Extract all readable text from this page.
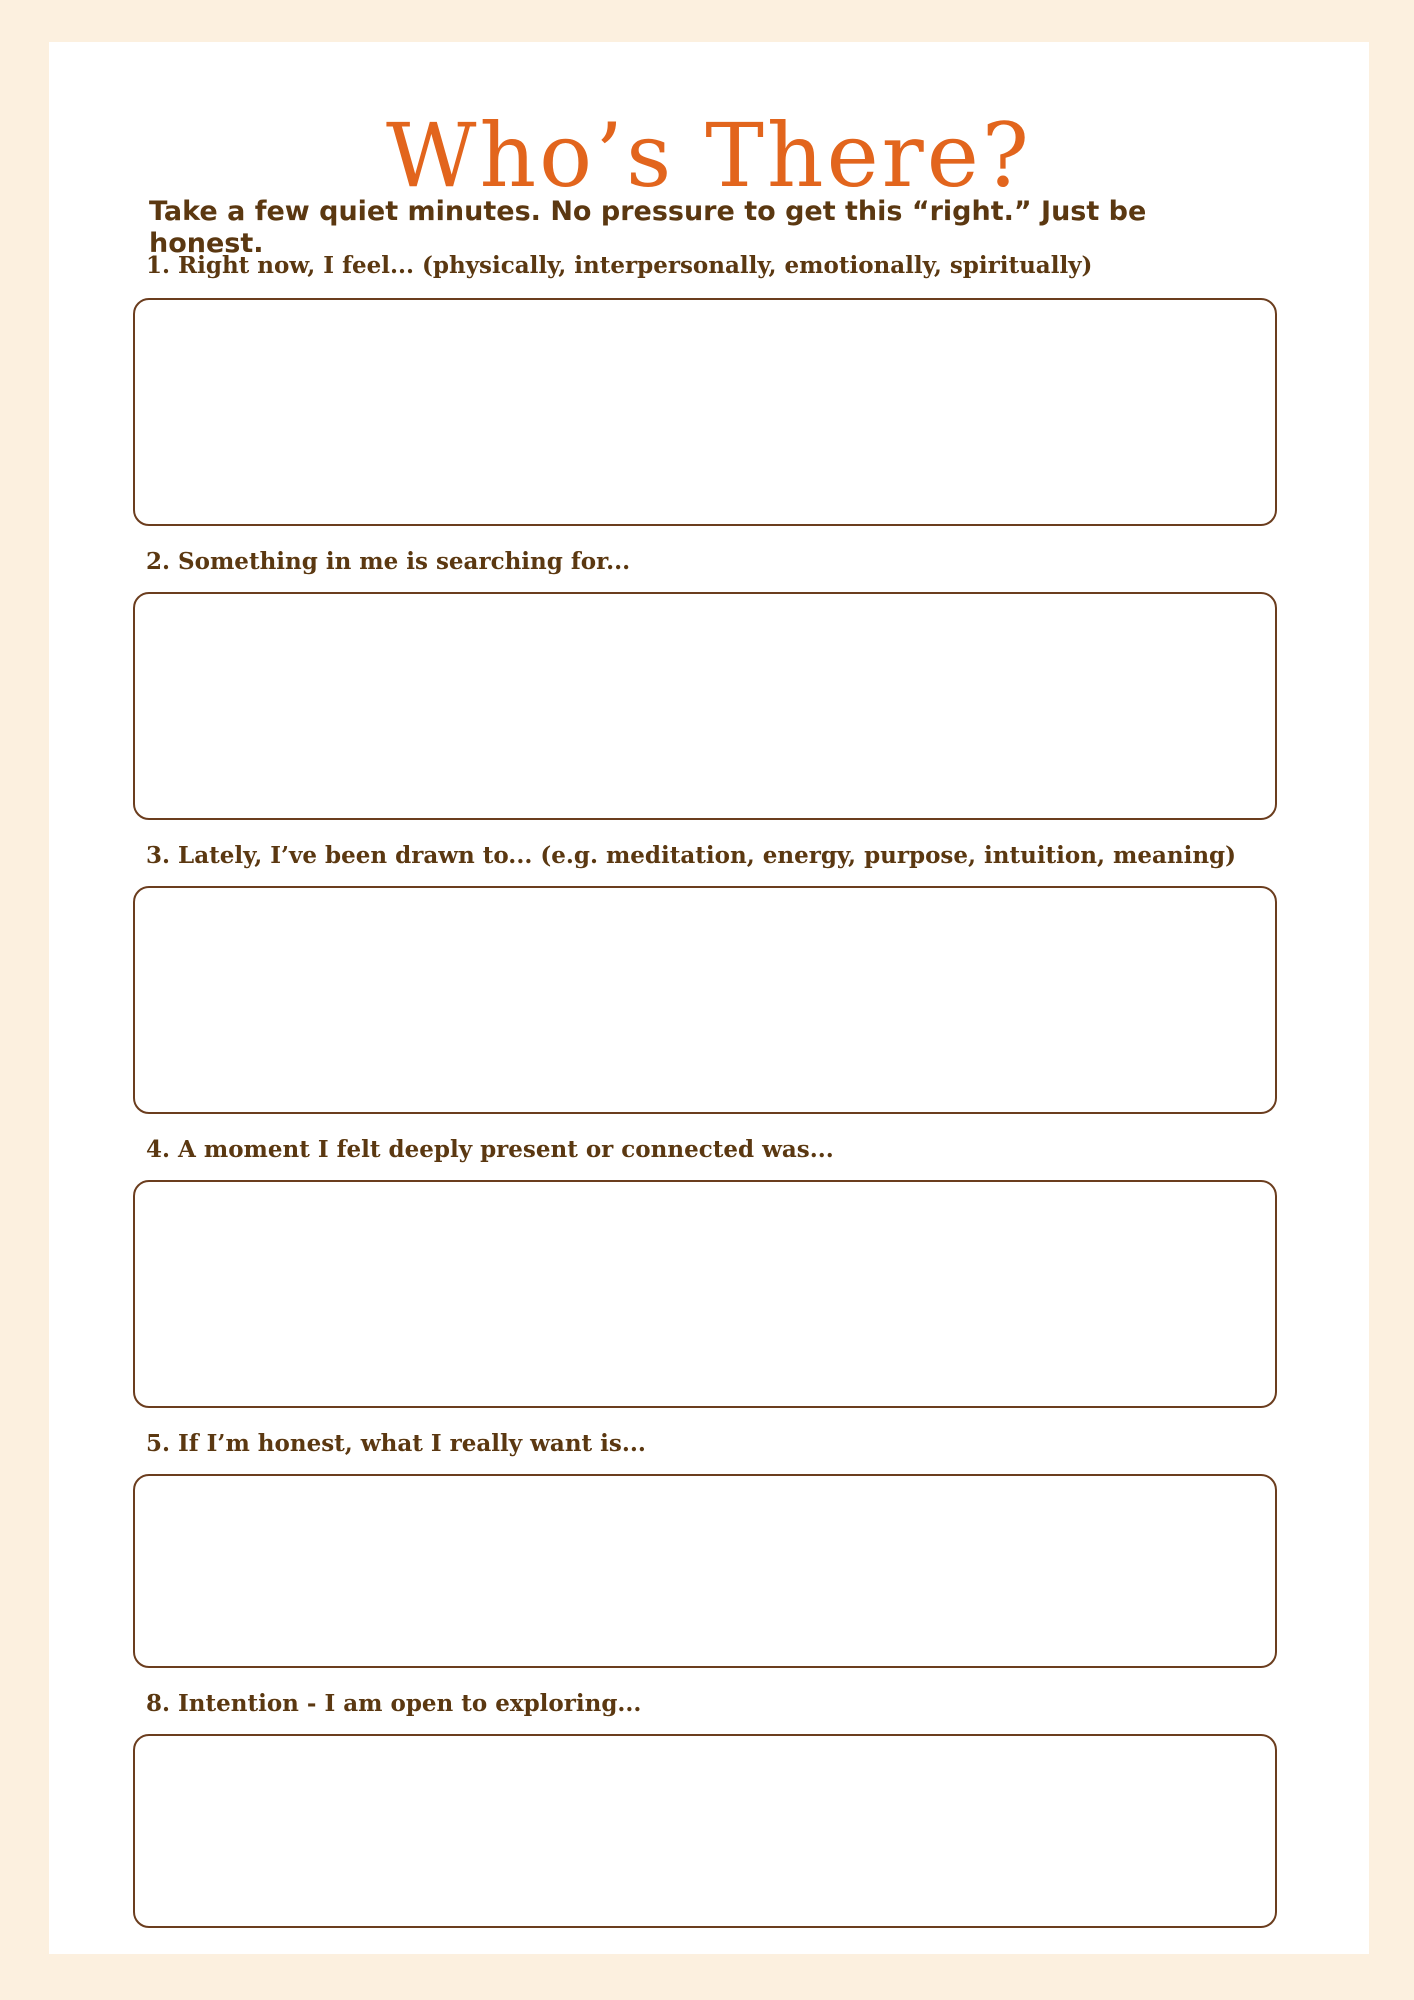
Who’s There?

Take a few quiet minutes. No pressure to get this “right.” Just be honest.

1. Right now, I feel... (physically, interpersonally, emotionally, spiritually)
2. Something in me is searching for...
3. Lately, I’ve been drawn to... (e.g. meditation, energy, purpose, intuition, meaning)
4. A moment I felt deeply present or connected was...
5. If I’m honest, what I really want is...
8. Intention - I am open to exploring...
